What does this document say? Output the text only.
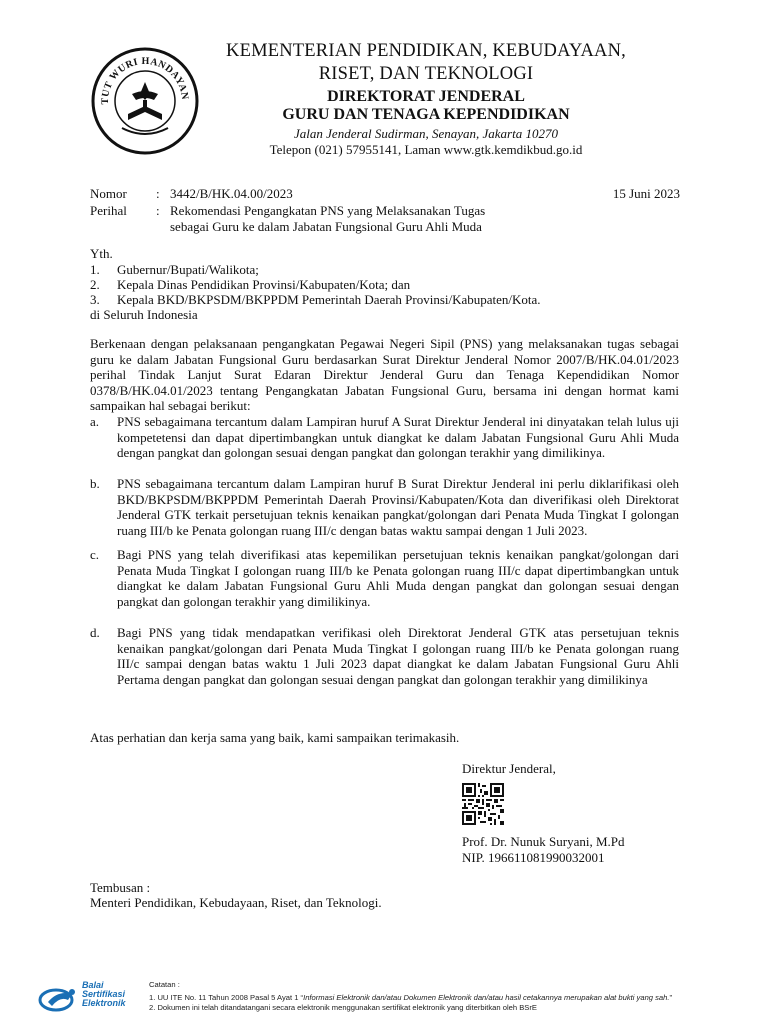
TUT WURI HANDAYAN
KEMENTERIAN PENDIDIKAN, KEBUDAYAAN,
RISET, DAN TEKNOLOGI
DIREKTORAT JENDERAL
GURU DAN TENAGA KEPENDIDIKAN
Jalan Jenderal Sudirman, Senayan, Jakarta 10270
Telepon (021) 57955141, Laman www.gtk.kemdikbud.go.id
Nomor : 3442/B/HK.04.00/2023	15 Juni 2023
Perihal : Rekomendasi Pengangkatan PNS yang Melaksanakan Tugas
sebagai Guru ke dalam Jabatan Fungsional Guru Ahli Muda
Yth.
1. Gubernur/Bupati/Walikota;
2. Kepala Dinas Pendidikan Provinsi/Kabupaten/Kota; dan
3. Kepala BKD/BKPSDM/BKPPDM Pemerintah Daerah Provinsi/Kabupaten/Kota.
di Seluruh Indonesia
Berkenaan dengan pelaksanaan pengangkatan Pegawai Negeri Sipil (PNS) yang melaksanakan tugas sebagai guru ke dalam Jabatan Fungsional Guru berdasarkan Surat Direktur Jenderal Nomor 2007/B/HK.04.01/2023 perihal Tindak Lanjut Surat Edaran Direktur Jenderal Guru dan Tenaga Kependidikan Nomor 0378/B/HK.04.01/2023 tentang Pengangkatan Jabatan Fungsional Guru, bersama ini dengan hormat kami sampaikan hal sebagai berikut:
a. PNS sebagaimana tercantum dalam Lampiran huruf A Surat Direktur Jenderal ini dinyatakan telah lulus uji kompetetensi dan dapat dipertimbangkan untuk diangkat ke dalam Jabatan Fungsional Guru Ahli Muda dengan pangkat dan golongan sesuai dengan pangkat dan golongan terakhir yang dimilikinya.
b. PNS sebagaimana tercantum dalam Lampiran huruf B Surat Direktur Jenderal ini perlu diklarifikasi oleh BKD/BKPSDM/BKPPDM Pemerintah Daerah Provinsi/Kabupaten/Kota dan diverifikasi oleh Direktorat Jenderal GTK terkait persetujuan teknis kenaikan pangkat/golongan dari Penata Muda Tingkat I golongan ruang III/b ke Penata golongan ruang III/c dengan batas waktu sampai dengan 1 Juli 2023.
c. Bagi PNS yang telah diverifikasi atas kepemilikan persetujuan teknis kenaikan pangkat/golongan dari Penata Muda Tingkat I golongan ruang III/b ke Penata golongan ruang III/c dapat dipertimbangkan untuk diangkat ke dalam Jabatan Fungsional Guru Ahli Muda dengan pangkat dan golongan sesuai dengan pangkat dan golongan terakhir yang dimilikinya.
d. Bagi PNS yang tidak mendapatkan verifikasi oleh Direktorat Jenderal GTK atas persetujuan teknis kenaikan pangkat/golongan dari Penata Muda Tingkat I golongan ruang III/b ke Penata golongan ruang III/c sampai dengan batas waktu 1 Juli 2023 dapat diangkat ke dalam Jabatan Fungsional Guru Ahli Pertama dengan pangkat dan golongan sesuai dengan pangkat dan golongan terakhir yang dimilikinya
Atas perhatian dan kerja sama yang baik, kami sampaikan terimakasih.
Direktur Jenderal,
Prof. Dr. Nunuk Suryani, M.Pd
NIP. 196611081990032001
Tembusan :
Menteri Pendidikan, Kebudayaan, Riset, dan Teknologi.
Balai
Sertifikasi
Elektronik
Catatan :
1. UU ITE No. 11 Tahun 2008 Pasal 5 Ayat 1 “Informasi Elektronik dan/atau Dokumen Elektronik dan/atau hasil cetakannya merupakan alat bukti yang sah.”
2. Dokumen ini telah ditandatangani secara elektronik menggunakan sertifikat elektronik yang diterbitkan oleh BSrE
